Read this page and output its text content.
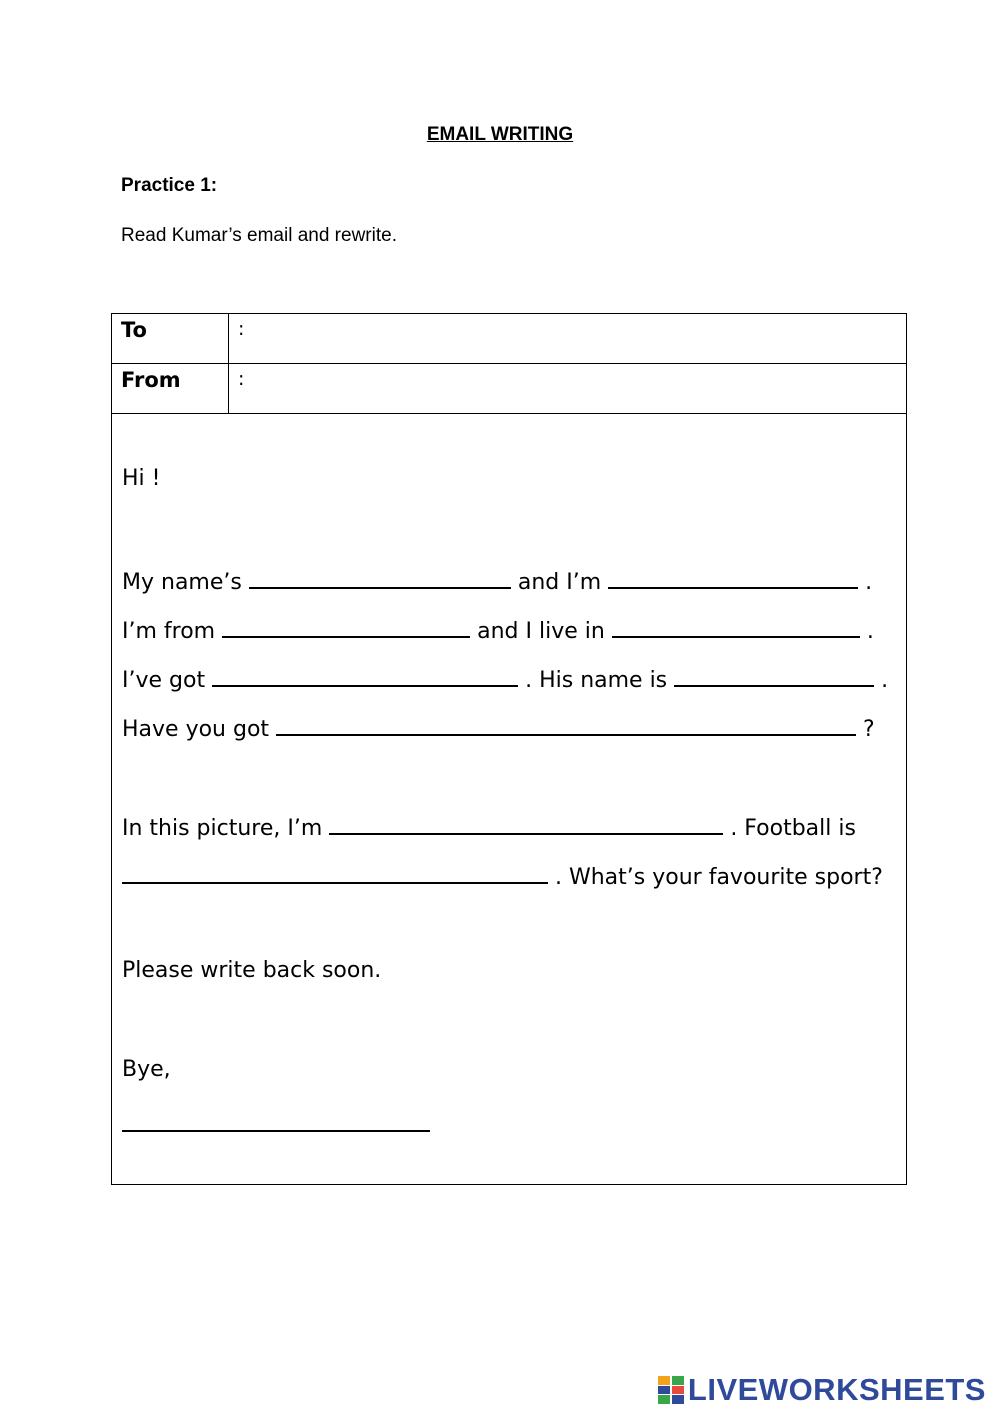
EMAIL WRITING
Practice 1:
Read Kumar’s email and rewrite.
To	:
From	:
Hi !
My name’s	and I’m	.
I’m from	and I live in	.
I’ve got	. His name is	.
Have you got	?
In this picture, I’m	. Football is
. What’s your favourite sport?
Please write back soon.
Bye,
LIVEWORKSHEETS
